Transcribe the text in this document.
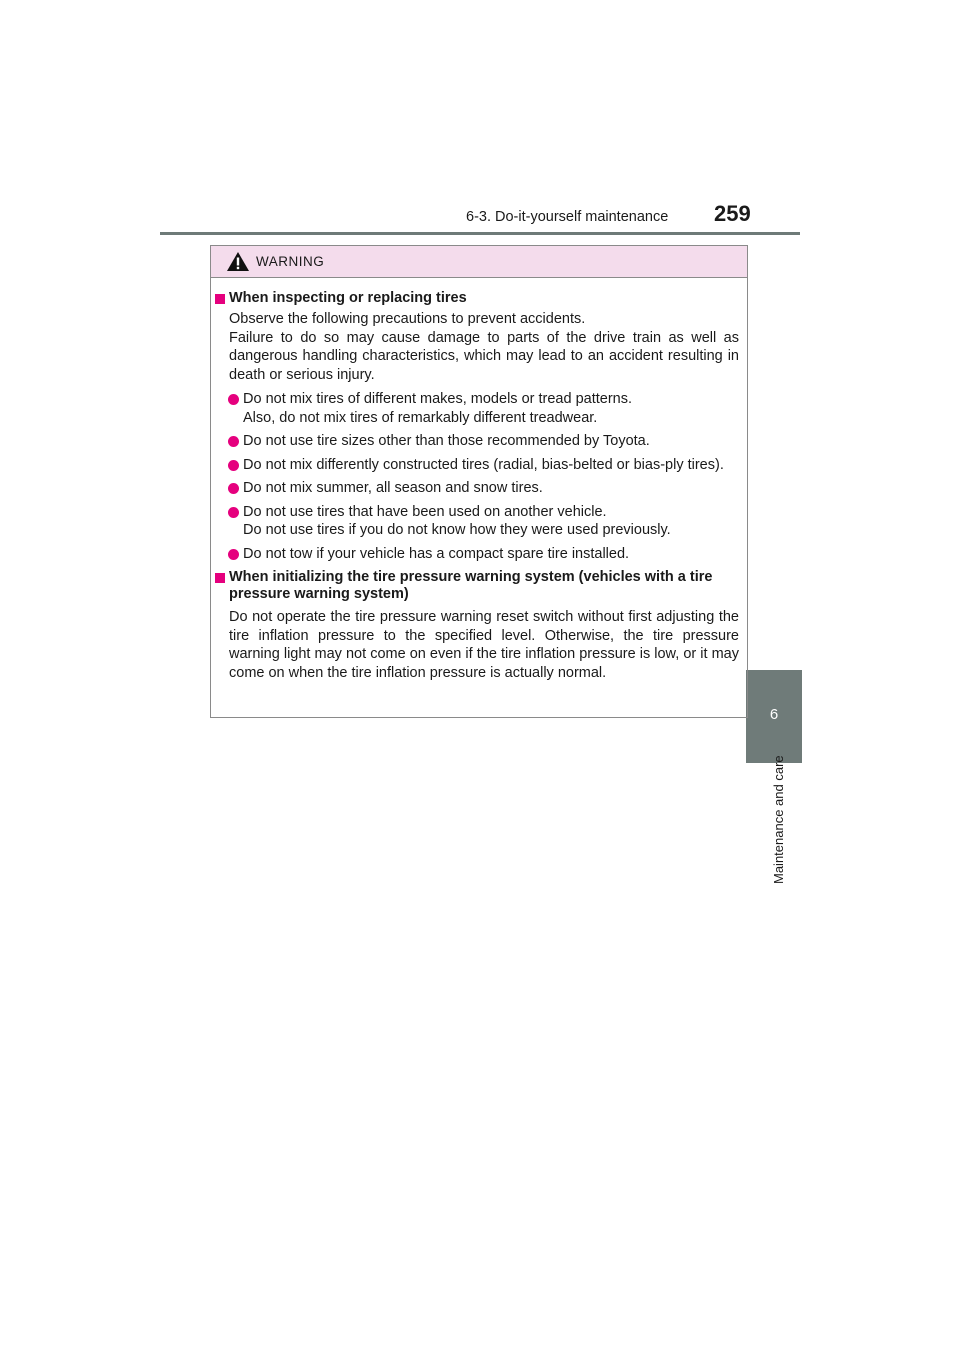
6-3. Do-it-yourself maintenance 259
6
Maintenance and care
WARNING
When inspecting or replacing tires
Observe the following precautions to prevent accidents.
Failure to do so may cause damage to parts of the drive train as well as dangerous handling characteristics, which may lead to an accident resulting in death or serious injury.
Do not mix tires of different makes, models or tread patterns.
Also, do not mix tires of remarkably different treadwear.
Do not use tire sizes other than those recommended by Toyota.
Do not mix differently constructed tires (radial, bias-belted or bias-ply tires).
Do not mix summer, all season and snow tires.
Do not use tires that have been used on another vehicle.
Do not use tires if you do not know how they were used previously.
Do not tow if your vehicle has a compact spare tire installed.
When initializing the tire pressure warning system (vehicles with a tire pressure warning system)
Do not operate the tire pressure warning reset switch without first adjusting the tire inflation pressure to the specified level. Otherwise, the tire pressure warning light may not come on even if the tire inflation pressure is low, or it may come on when the tire inflation pressure is actually normal.
